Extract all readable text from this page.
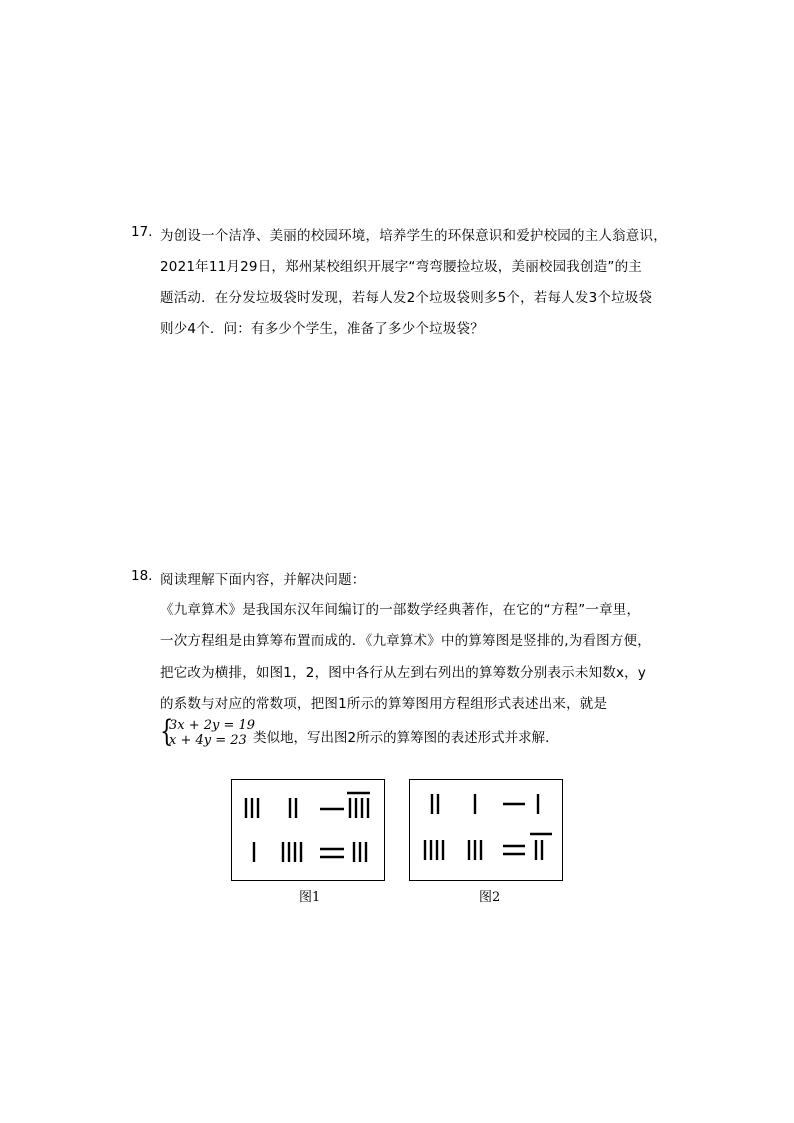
17. 为创设一个洁净、美丽的校园环境，培养学生的环保意识和爱护校园的主人翁意识，
2021年11月29日，郑州某校组织开展字“弯弯腰捡垃圾，美丽校园我创造”的主
题活动．在分发垃圾袋时发现，若每人发2个垃圾袋则多5个，若每人发3个垃圾袋
则少4个．问：有多少个学生，准备了多少个垃圾袋？
18. 阅读理解下面内容，并解决问题：
《九章算术》是我国东汉年间编订的一部数学经典著作，在它的“方程”一章里，
一次方程组是由算筹布置而成的．《九章算术》中的算筹图是竖排的,为看图方便，
把它改为横排，如图1，2，图中各行从左到右列出的算筹数分别表示未知数x，y
的系数与对应的常数项，把图1所示的算筹图用方程组形式表述出来，就是
{
3x + 2y = 19
x + 4y = 23 类似地，写出图2所示的算筹图的表述形式并求解．
图1	图2
